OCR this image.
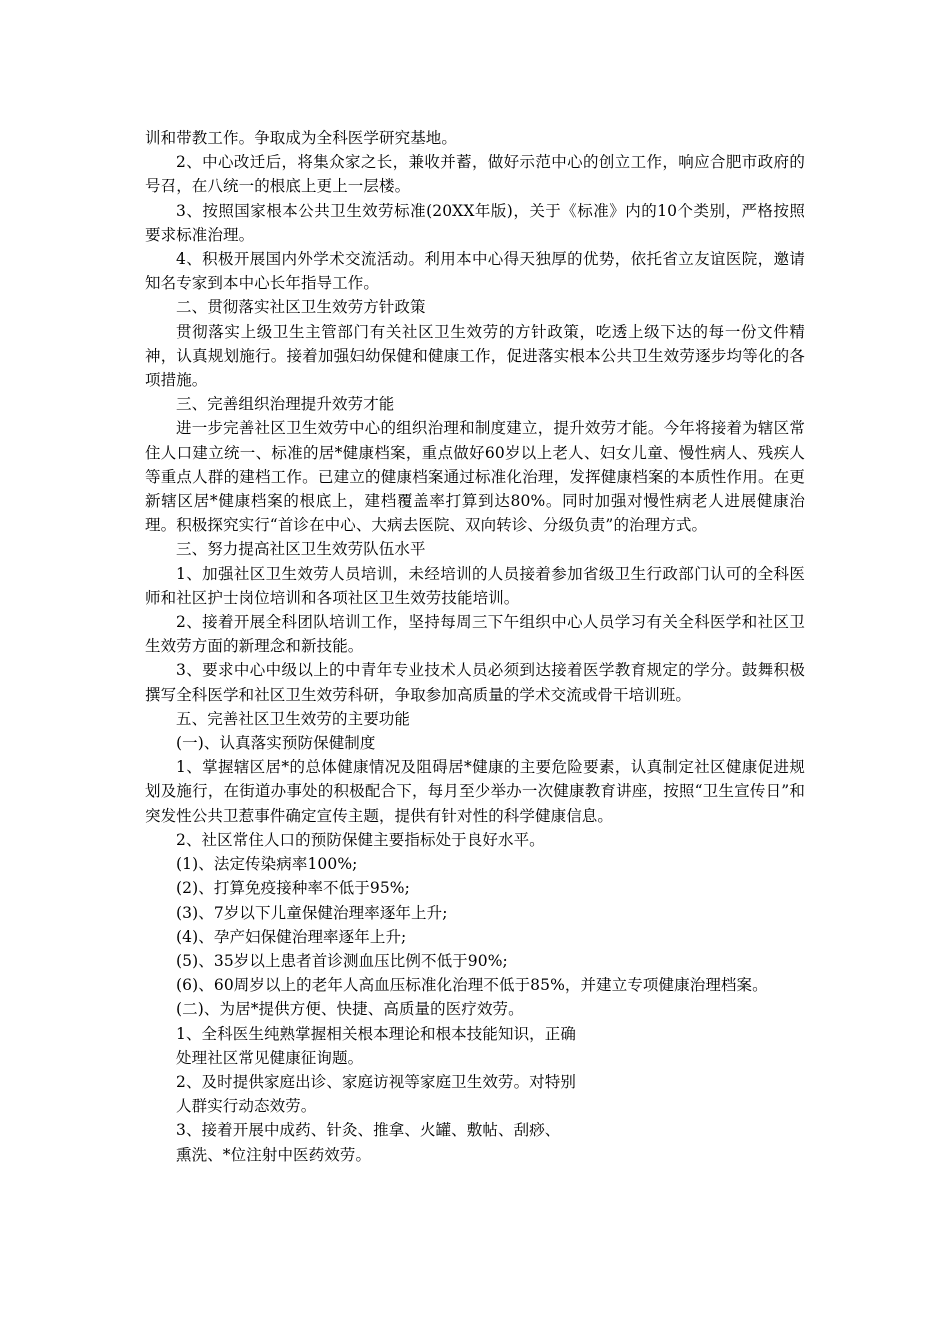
训和带教工作。争取成为全科医学研究基地。

2、中心改迁后，将集众家之长，兼收并蓄，做好示范中心的创立工作，响应合肥市政府的号召，在八统一的根底上更上一层楼。

3、按照国家根本公共卫生效劳标准(20XX年版)，关于《标准》内的10个类别，严格按照要求标准治理。

4、积极开展国内外学术交流活动。利用本中心得天独厚的优势，依托省立友谊医院，邀请知名专家到本中心长年指导工作。

二、贯彻落实社区卫生效劳方针政策

贯彻落实上级卫生主管部门有关社区卫生效劳的方针政策，吃透上级下达的每一份文件精神，认真规划施行。接着加强妇幼保健和健康工作，促进落实根本公共卫生效劳逐步均等化的各项措施。

三、完善组织治理提升效劳才能

进一步完善社区卫生效劳中心的组织治理和制度建立，提升效劳才能。今年将接着为辖区常住人口建立统一、标准的居*健康档案，重点做好60岁以上老人、妇女儿童、慢性病人、残疾人等重点人群的建档工作。已建立的健康档案通过标准化治理，发挥健康档案的本质性作用。在更新辖区居*健康档案的根底上，建档覆盖率打算到达80%。同时加强对慢性病老人进展健康治理。积极探究实行“首诊在中心、大病去医院、双向转诊、分级负责”的治理方式。

三、努力提高社区卫生效劳队伍水平

1、加强社区卫生效劳人员培训，未经培训的人员接着参加省级卫生行政部门认可的全科医师和社区护士岗位培训和各项社区卫生效劳技能培训。

2、接着开展全科团队培训工作，坚持每周三下午组织中心人员学习有关全科医学和社区卫生效劳方面的新理念和新技能。

3、要求中心中级以上的中青年专业技术人员必须到达接着医学教育规定的学分。鼓舞积极撰写全科医学和社区卫生效劳科研，争取参加高质量的学术交流或骨干培训班。

五、完善社区卫生效劳的主要功能

(一)、认真落实预防保健制度

1、掌握辖区居*的总体健康情况及阻碍居*健康的主要危险要素，认真制定社区健康促进规划及施行，在街道办事处的积极配合下，每月至少举办一次健康教育讲座，按照“卫生宣传日”和突发性公共卫惹事件确定宣传主题，提供有针对性的科学健康信息。

2、社区常住人口的预防保健主要指标处于良好水平。

(1)、法定传染病率100%;

(2)、打算免疫接种率不低于95%;

(3)、7岁以下儿童保健治理率逐年上升;

(4)、孕产妇保健治理率逐年上升;

(5)、35岁以上患者首诊测血压比例不低于90%;

(6)、60周岁以上的老年人高血压标准化治理不低于85%，并建立专项健康治理档案。

(二)、为居*提供方便、快捷、高质量的医疗效劳。

1、全科医生纯熟掌握相关根本理论和根本技能知识，正确

处理社区常见健康征询题。

2、及时提供家庭出诊、家庭访视等家庭卫生效劳。对特别

人群实行动态效劳。

3、接着开展中成药、针灸、推拿、火罐、敷帖、刮痧、

熏洗、*位注射中医药效劳。
